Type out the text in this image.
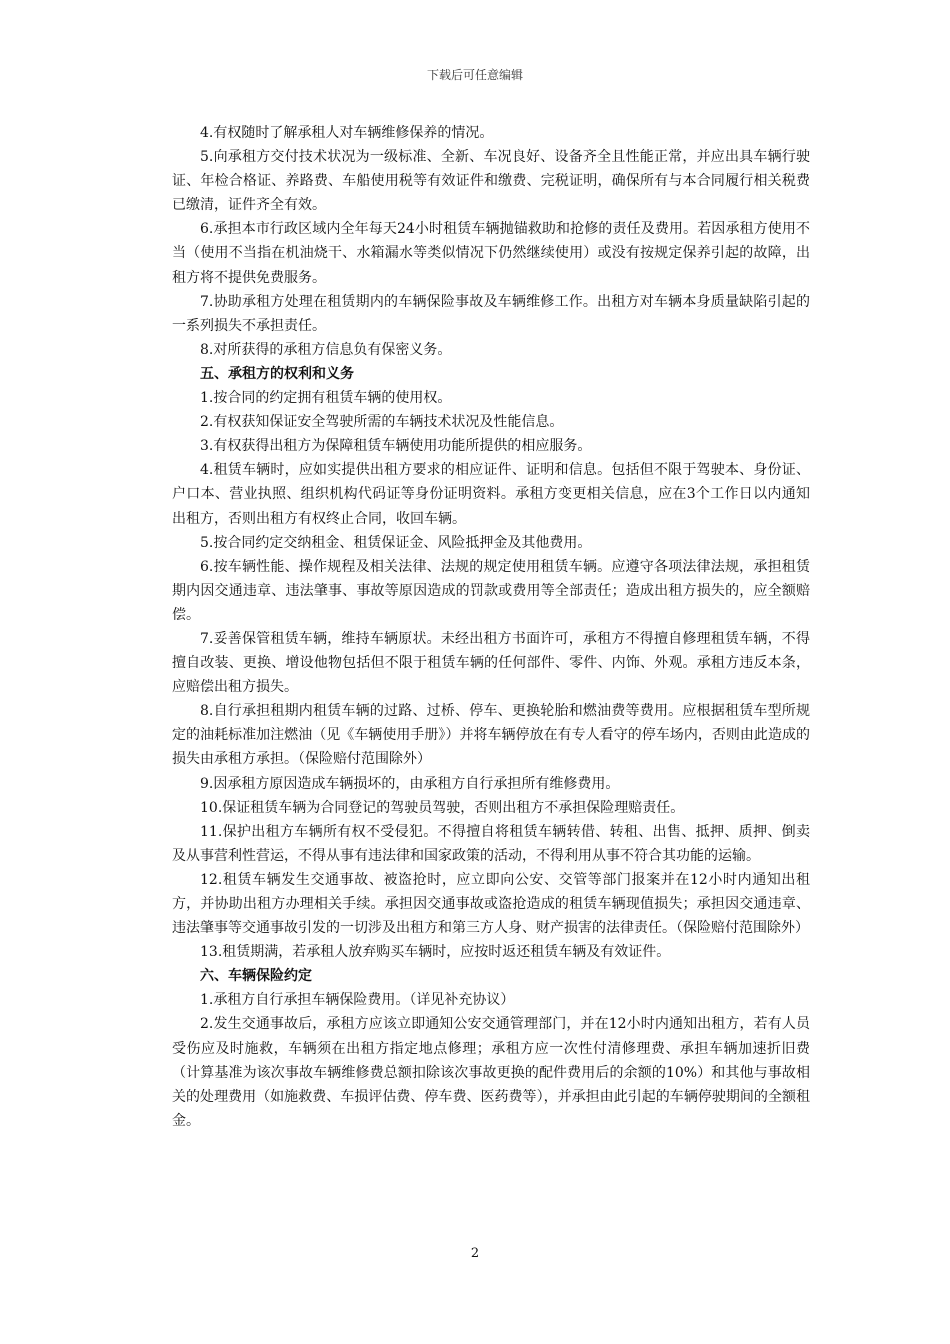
下载后可任意编辑

4.有权随时了解承租人对车辆维修保养的情况。

5.向承租方交付技术状况为一级标准、全新、车况良好、设备齐全且性能正常，并应出具车辆行驶证、年检合格证、养路费、车船使用税等有效证件和缴费、完税证明，确保所有与本合同履行相关税费已缴清，证件齐全有效。

6.承担本市行政区域内全年每天24小时租赁车辆抛锚救助和抢修的责任及费用。若因承租方使用不当（使用不当指在机油烧干、水箱漏水等类似情况下仍然继续使用）或没有按规定保养引起的故障，出租方将不提供免费服务。

7.协助承租方处理在租赁期内的车辆保险事故及车辆维修工作。出租方对车辆本身质量缺陷引起的一系列损失不承担责任。

8.对所获得的承租方信息负有保密义务。

五、承租方的权利和义务

1.按合同的约定拥有租赁车辆的使用权。

2.有权获知保证安全驾驶所需的车辆技术状况及性能信息。

3.有权获得出租方为保障租赁车辆使用功能所提供的相应服务。

4.租赁车辆时，应如实提供出租方要求的相应证件、证明和信息。包括但不限于驾驶本、身份证、户口本、营业执照、组织机构代码证等身份证明资料。承租方变更相关信息，应在3个工作日以内通知出租方，否则出租方有权终止合同，收回车辆。

5.按合同约定交纳租金、租赁保证金、风险抵押金及其他费用。

6.按车辆性能、操作规程及相关法律、法规的规定使用租赁车辆。应遵守各项法律法规，承担租赁期内因交通违章、违法肇事、事故等原因造成的罚款或费用等全部责任；造成出租方损失的，应全额赔偿。

7.妥善保管租赁车辆，维持车辆原状。未经出租方书面许可，承租方不得擅自修理租赁车辆，不得擅自改装、更换、增设他物包括但不限于租赁车辆的任何部件、零件、内饰、外观。承租方违反本条，应赔偿出租方损失。

8.自行承担租期内租赁车辆的过路、过桥、停车、更换轮胎和燃油费等费用。应根据租赁车型所规定的油耗标准加注燃油（见《车辆使用手册》）并将车辆停放在有专人看守的停车场内，否则由此造成的损失由承租方承担。（保险赔付范围除外）

9.因承租方原因造成车辆损坏的，由承租方自行承担所有维修费用。

10.保证租赁车辆为合同登记的驾驶员驾驶，否则出租方不承担保险理赔责任。

11.保护出租方车辆所有权不受侵犯。不得擅自将租赁车辆转借、转租、出售、抵押、质押、倒卖及从事营利性营运，不得从事有违法律和国家政策的活动，不得利用从事不符合其功能的运输。

12.租赁车辆发生交通事故、被盗抢时，应立即向公安、交管等部门报案并在12小时内通知出租方，并协助出租方办理相关手续。承担因交通事故或盗抢造成的租赁车辆现值损失；承担因交通违章、违法肇事等交通事故引发的一切涉及出租方和第三方人身、财产损害的法律责任。（保险赔付范围除外）

13.租赁期满，若承租人放弃购买车辆时，应按时返还租赁车辆及有效证件。

六、车辆保险约定

1.承租方自行承担车辆保险费用。（详见补充协议）

2.发生交通事故后，承租方应该立即通知公安交通管理部门，并在12小时内通知出租方，若有人员受伤应及时施救，车辆须在出租方指定地点修理；承租方应一次性付清修理费、承担车辆加速折旧费（计算基准为该次事故车辆维修费总额扣除该次事故更换的配件费用后的余额的10%）和其他与事故相关的处理费用（如施救费、车损评估费、停车费、医药费等），并承担由此引起的车辆停驶期间的全额租金。

2
